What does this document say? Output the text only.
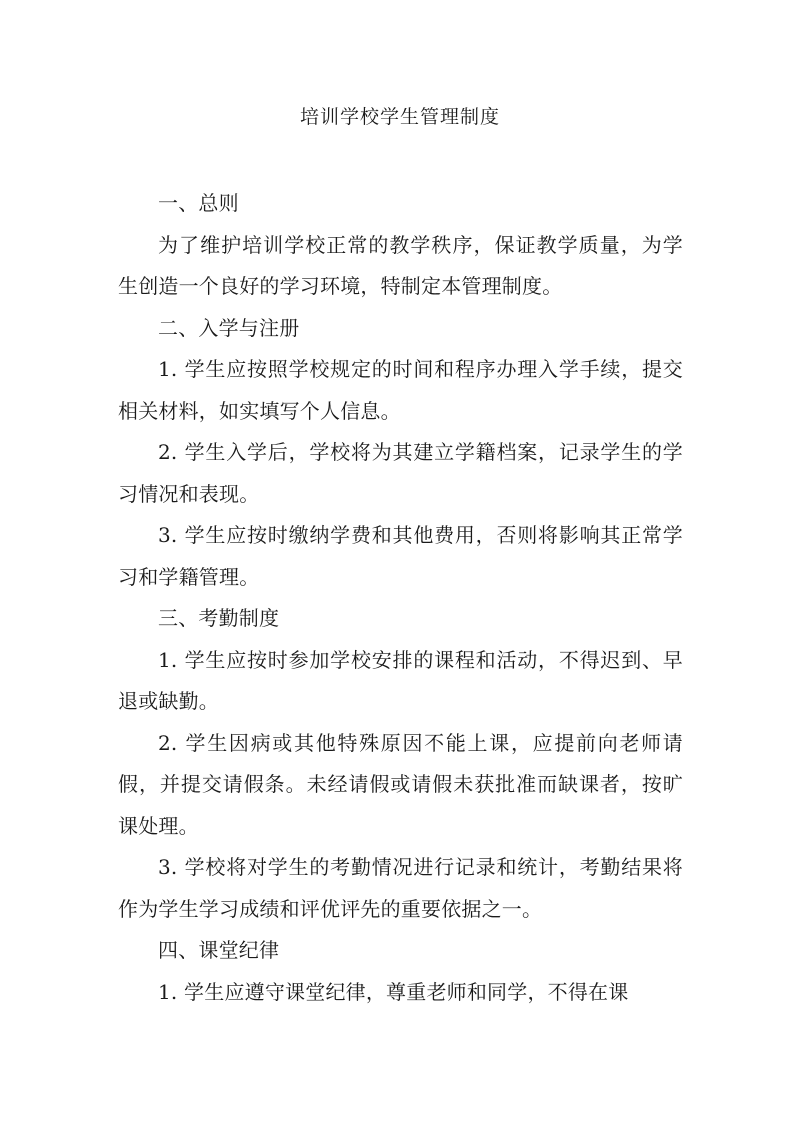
培训学校学生管理制度

一、总则

为了维护培训学校正常的教学秩序，保证教学质量，为学生创造一个良好的学习环境，特制定本管理制度。

二、入学与注册

1. 学生应按照学校规定的时间和程序办理入学手续，提交相关材料，如实填写个人信息。

2. 学生入学后，学校将为其建立学籍档案，记录学生的学习情况和表现。

3. 学生应按时缴纳学费和其他费用，否则将影响其正常学习和学籍管理。

三、考勤制度

1. 学生应按时参加学校安排的课程和活动，不得迟到、早退或缺勤。

2. 学生因病或其他特殊原因不能上课，应提前向老师请假，并提交请假条。未经请假或请假未获批准而缺课者，按旷课处理。

3. 学校将对学生的考勤情况进行记录和统计，考勤结果将作为学生学习成绩和评优评先的重要依据之一。

四、课堂纪律

1. 学生应遵守课堂纪律，尊重老师和同学，不得在课
